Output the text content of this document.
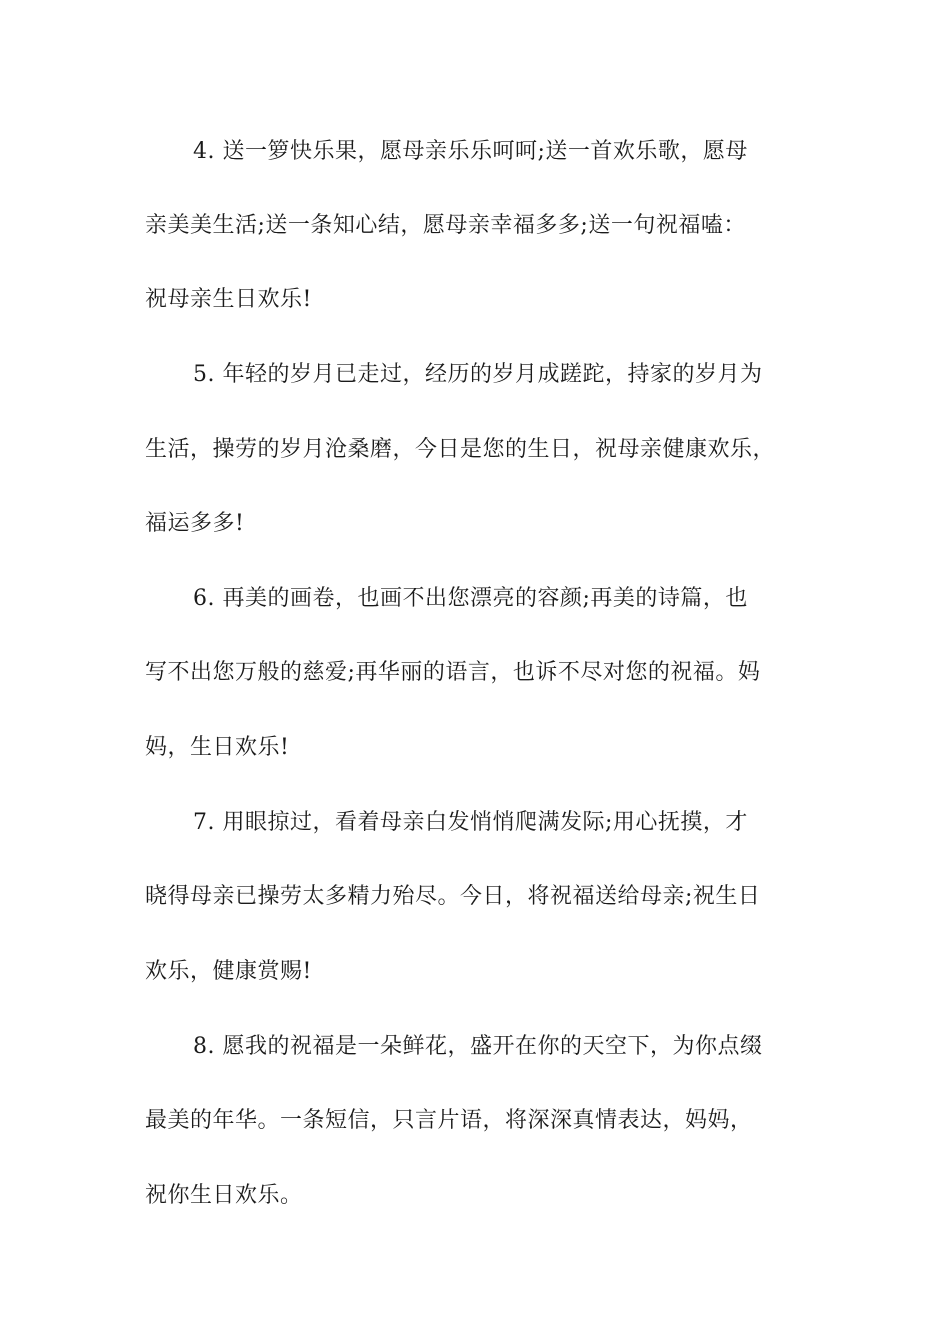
4. 送一箩快乐果，愿母亲乐乐呵呵;送一首欢乐歌，愿母
亲美美生活;送一条知心结，愿母亲幸福多多;送一句祝福嗑：
祝母亲生日欢乐!
5. 年轻的岁月已走过，经历的岁月成蹉跎，持家的岁月为
生活，操劳的岁月沧桑磨，今日是您的生日，祝母亲健康欢乐，
福运多多!
6. 再美的画卷，也画不出您漂亮的容颜;再美的诗篇，也
写不出您万般的慈爱;再华丽的语言，也诉不尽对您的祝福。妈
妈，生日欢乐!
7. 用眼掠过，看着母亲白发悄悄爬满发际;用心抚摸，才
晓得母亲已操劳太多精力殆尽。今日，将祝福送给母亲;祝生日
欢乐，健康赏赐!
8. 愿我的祝福是一朵鲜花，盛开在你的天空下，为你点缀
最美的年华。一条短信，只言片语，将深深真情表达，妈妈，
祝你生日欢乐。
